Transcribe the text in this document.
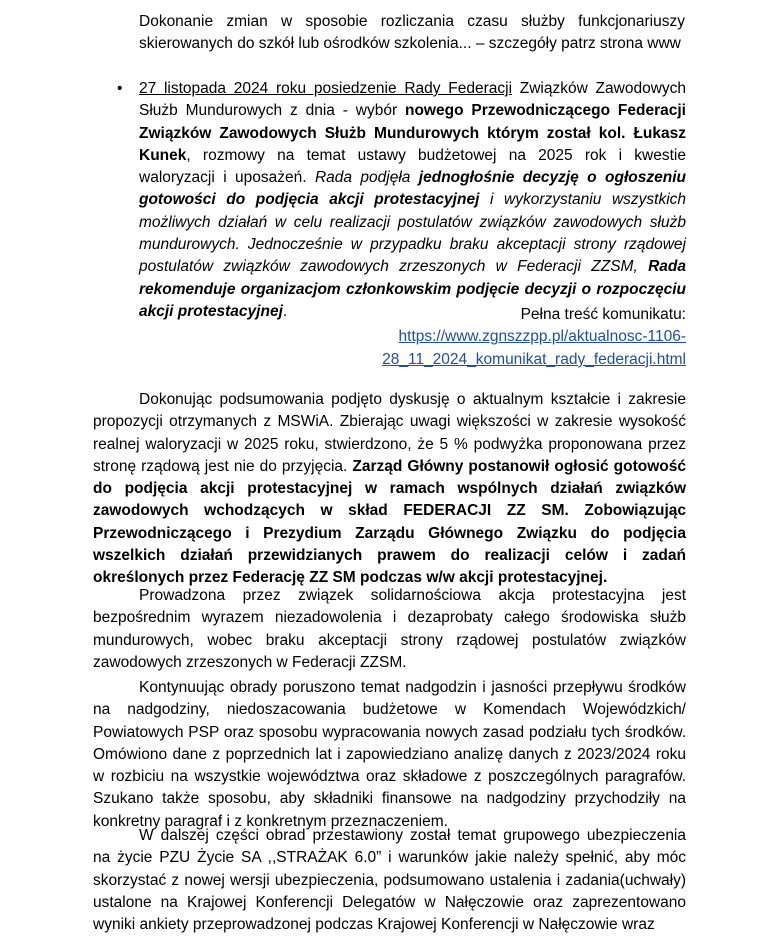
Dokonanie zmian w sposobie rozliczania czasu służby funkcjonariuszy skierowanych do szkół lub ośrodków szkolenia... – szczegóły patrz strona www

• 27 listopada 2024 roku posiedzenie Rady Federacji Związków Zawodowych Służb Mundurowych z dnia - wybór nowego Przewodniczącego Federacji Związków Zawodowych Służb Mundurowych którym został kol. Łukasz Kunek, rozmowy na temat ustawy budżetowej na 2025 rok i kwestie waloryzacji i uposażeń. Rada podjęła jednogłośnie decyzję o ogłoszeniu gotowości do podjęcia akcji protestacyjnej i wykorzystaniu wszystkich możliwych działań w celu realizacji postulatów związków zawodowych służb mundurowych. Jednocześnie w przypadku braku akceptacji strony rządowej postulatów związków zawodowych zrzeszonych w Federacji ZZSM, Rada rekomenduje organizacjom członkowskim podjęcie decyzji o rozpoczęciu akcji protestacyjnej.	Pełna treść komunikatu:
https://www.zgnszzpp.pl/aktualnosc-1106-
28_11_2024_komunikat_rady_federacji.html
Dokonując podsumowania podjęto dyskusję o aktualnym kształcie i zakresie propozycji otrzymanych z MSWiA. Zbierając uwagi większości w zakresie wysokość realnej waloryzacji w 2025 roku, stwierdzono, że 5 % podwyżka proponowana przez stronę rządową jest nie do przyjęcia. Zarząd Główny postanowił ogłosić gotowość do podjęcia akcji protestacyjnej w ramach wspólnych działań związków zawodowych wchodzących w skład FEDERACJI ZZ SM. Zobowiązując Przewodniczącego i Prezydium Zarządu Głównego Związku do podjęcia wszelkich działań przewidzianych prawem do realizacji celów i zadań określonych przez Federację ZZ SM podczas w/w akcji protestacyjnej.
Prowadzona przez związek solidarnościowa akcja protestacyjna jest bezpośrednim wyrazem niezadowolenia i dezaprobaty całego środowiska służb mundurowych, wobec braku akceptacji strony rządowej postulatów związków zawodowych zrzeszonych w Federacji ZZSM.
Kontynuując obrady poruszono temat nadgodzin i jasności przepływu środków na nadgodziny, niedoszacowania budżetowe w Komendach Wojewódzkich/ Powiatowych PSP oraz sposobu wypracowania nowych zasad podziału tych środków. Omówiono dane z poprzednich lat i zapowiedziano analizę danych z 2023/2024 roku w rozbiciu na wszystkie województwa oraz składowe z poszczególnych paragrafów. Szukano także sposobu, aby składniki finansowe na nadgodziny przychodziły na konkretny paragraf i z konkretnym przeznaczeniem.
W dalszej części obrad przestawiony został temat grupowego ubezpieczenia na życie PZU Życie SA ,,STRAŻAK 6.0” i warunków jakie należy spełnić, aby móc skorzystać z nowej wersji ubezpieczenia, podsumowano ustalenia i zadania(uchwały) ustalone na Krajowej Konferencji Delegatów w Nałęczowie oraz zaprezentowano wyniki ankiety przeprowadzonej podczas Krajowej Konferencji w Nałęczowie wraz
